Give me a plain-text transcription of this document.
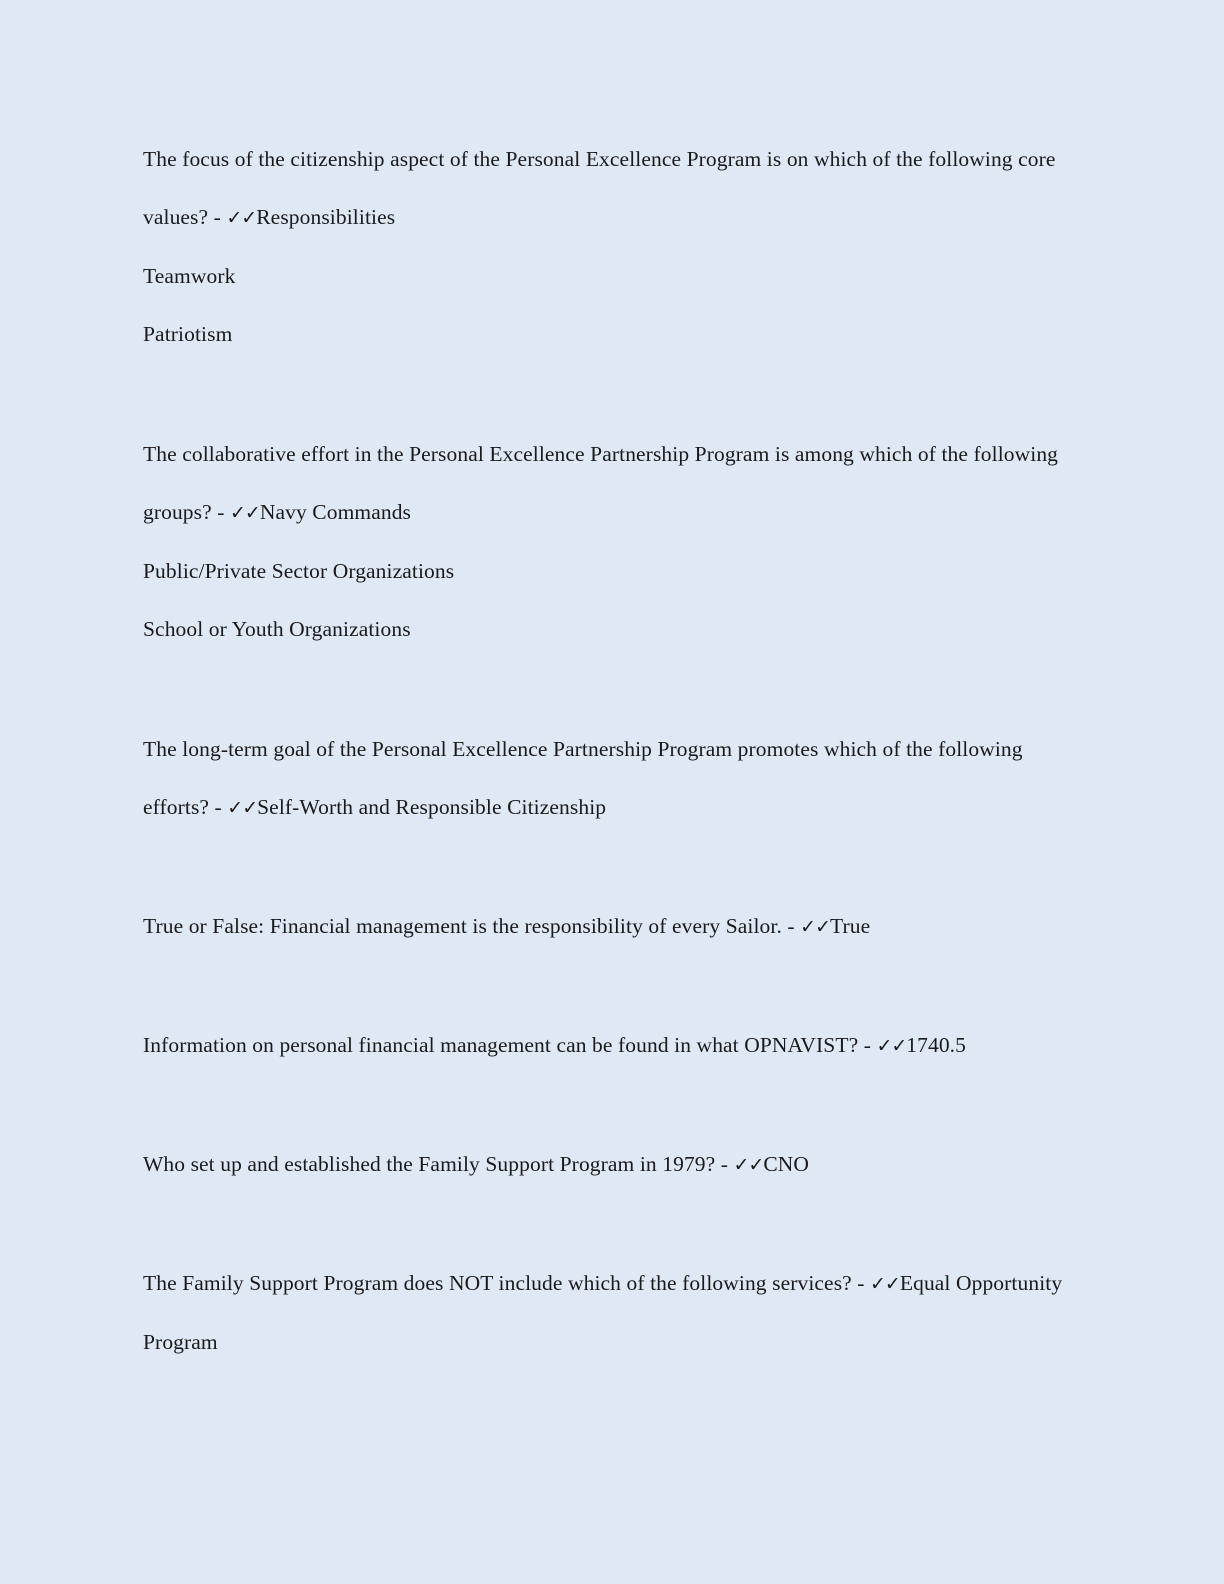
The focus of the citizenship aspect of the Personal Excellence Program is on which of the following core values? - ✓✓Responsibilities
Teamwork
Patriotism
The collaborative effort in the Personal Excellence Partnership Program is among which of the following groups? - ✓✓Navy Commands
Public/Private Sector Organizations
School or Youth Organizations
The long-term goal of the Personal Excellence Partnership Program promotes which of the following efforts? - ✓✓Self-Worth and Responsible Citizenship
True or False: Financial management is the responsibility of every Sailor. - ✓✓True
Information on personal financial management can be found in what OPNAVIST? - ✓✓1740.5
Who set up and established the Family Support Program in 1979? - ✓✓CNO
The Family Support Program does NOT include which of the following services? - ✓✓Equal Opportunity Program
